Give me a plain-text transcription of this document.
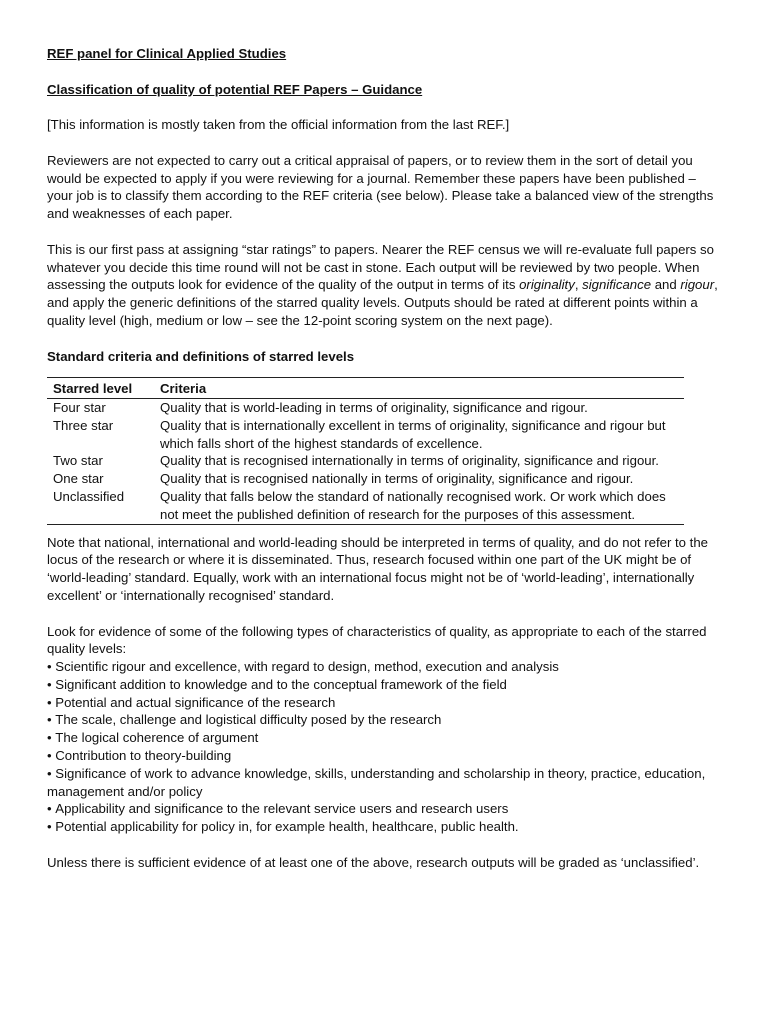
REF panel for Clinical Applied Studies

Classification of quality of potential REF Papers – Guidance

[This information is mostly taken from the official information from the last REF.]

Reviewers are not expected to carry out a critical appraisal of papers, or to review them in the sort of detail you would be expected to apply if you were reviewing for a journal. Remember these papers have been published – your job is to classify them according to the REF criteria (see below). Please take a balanced view of the strengths and weaknesses of each paper.

This is our first pass at assigning “star ratings” to papers. Nearer the REF census we will re-evaluate full papers so whatever you decide this time round will not be cast in stone. Each output will be reviewed by two people. When assessing the outputs look for evidence of the quality of the output in terms of its originality, significance and rigour, and apply the generic definitions of the starred quality levels. Outputs should be rated at different points within a quality level (high, medium or low – see the 12-point scoring system on the next page).

Standard criteria and definitions of starred levels

Starred level	Criteria
Four star	Quality that is world-leading in terms of originality, significance and rigour.
Three star	Quality that is internationally excellent in terms of originality, significance and rigour but which falls short of the highest standards of excellence.
Two star	Quality that is recognised internationally in terms of originality, significance and rigour.
One star	Quality that is recognised nationally in terms of originality, significance and rigour.
Unclassified	Quality that falls below the standard of nationally recognised work. Or work which does not meet the published definition of research for the purposes of this assessment.

Note that national, international and world-leading should be interpreted in terms of quality, and do not refer to the locus of the research or where it is disseminated. Thus, research focused within one part of the UK might be of ‘world-leading’ standard. Equally, work with an international focus might not be of ‘world-leading’, internationally excellent’ or ‘internationally recognised’ standard.

Look for evidence of some of the following types of characteristics of quality, as appropriate to each of the starred quality levels:
• Scientific rigour and excellence, with regard to design, method, execution and analysis
• Significant addition to knowledge and to the conceptual framework of the field
• Potential and actual significance of the research
• The scale, challenge and logistical difficulty posed by the research
• The logical coherence of argument
• Contribution to theory-building
• Significance of work to advance knowledge, skills, understanding and scholarship in theory, practice, education, management and/or policy
• Applicability and significance to the relevant service users and research users
• Potential applicability for policy in, for example health, healthcare, public health.

Unless there is sufficient evidence of at least one of the above, research outputs will be graded as ‘unclassified’.
